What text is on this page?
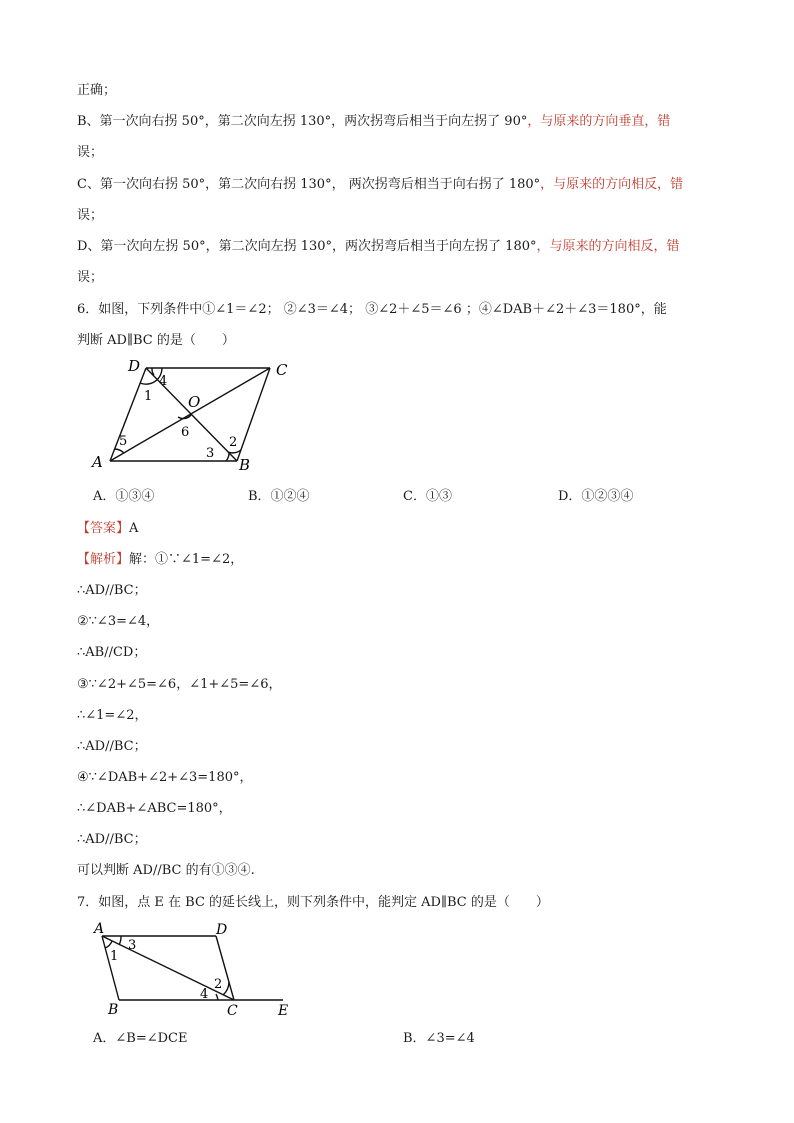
正确；
B、第一次向右拐 50°，第二次向左拐 130°，两次拐弯后相当于向左拐了 90°，与原来的方向垂直，错
误；
C、第一次向右拐 50°，第二次向右拐 130°， 两次拐弯后相当于向右拐了 180°，与原来的方向相反，错
误；
D、第一次向左拐 50°，第二次向左拐 130°，两次拐弯后相当于向左拐了 180°，与原来的方向相反，错
误；
6．如图，下列条件中①∠1＝∠2； ②∠3＝∠4； ③∠2＋∠5＝∠6 ；④∠DAB＋∠2＋∠3＝180°，能
判断 AD∥BC 的是（　　）
D	C
A	B
O
1
2
3
4
5
6
A．①③④	B．①②④	C．①③	D．①②③④
【答案】A
【解析】解：①∵∠1=∠2，
∴AD//BC；
②∵∠3=∠4，
∴AB//CD；
③∵∠2+∠5=∠6，∠1+∠5=∠6，
∴∠1=∠2，
∴AD//BC；
④∵∠DAB+∠2+∠3=180°，
∴∠DAB+∠ABC=180°，
∴AD//BC；
可以判断 AD//BC 的有①③④.
7．如图，点 E 在 BC 的延长线上，则下列条件中，能判定 AD∥BC 的是（　　）
A	D
B	C	E
1
2
3
4
A．∠B=∠DCE	B．∠3=∠4
